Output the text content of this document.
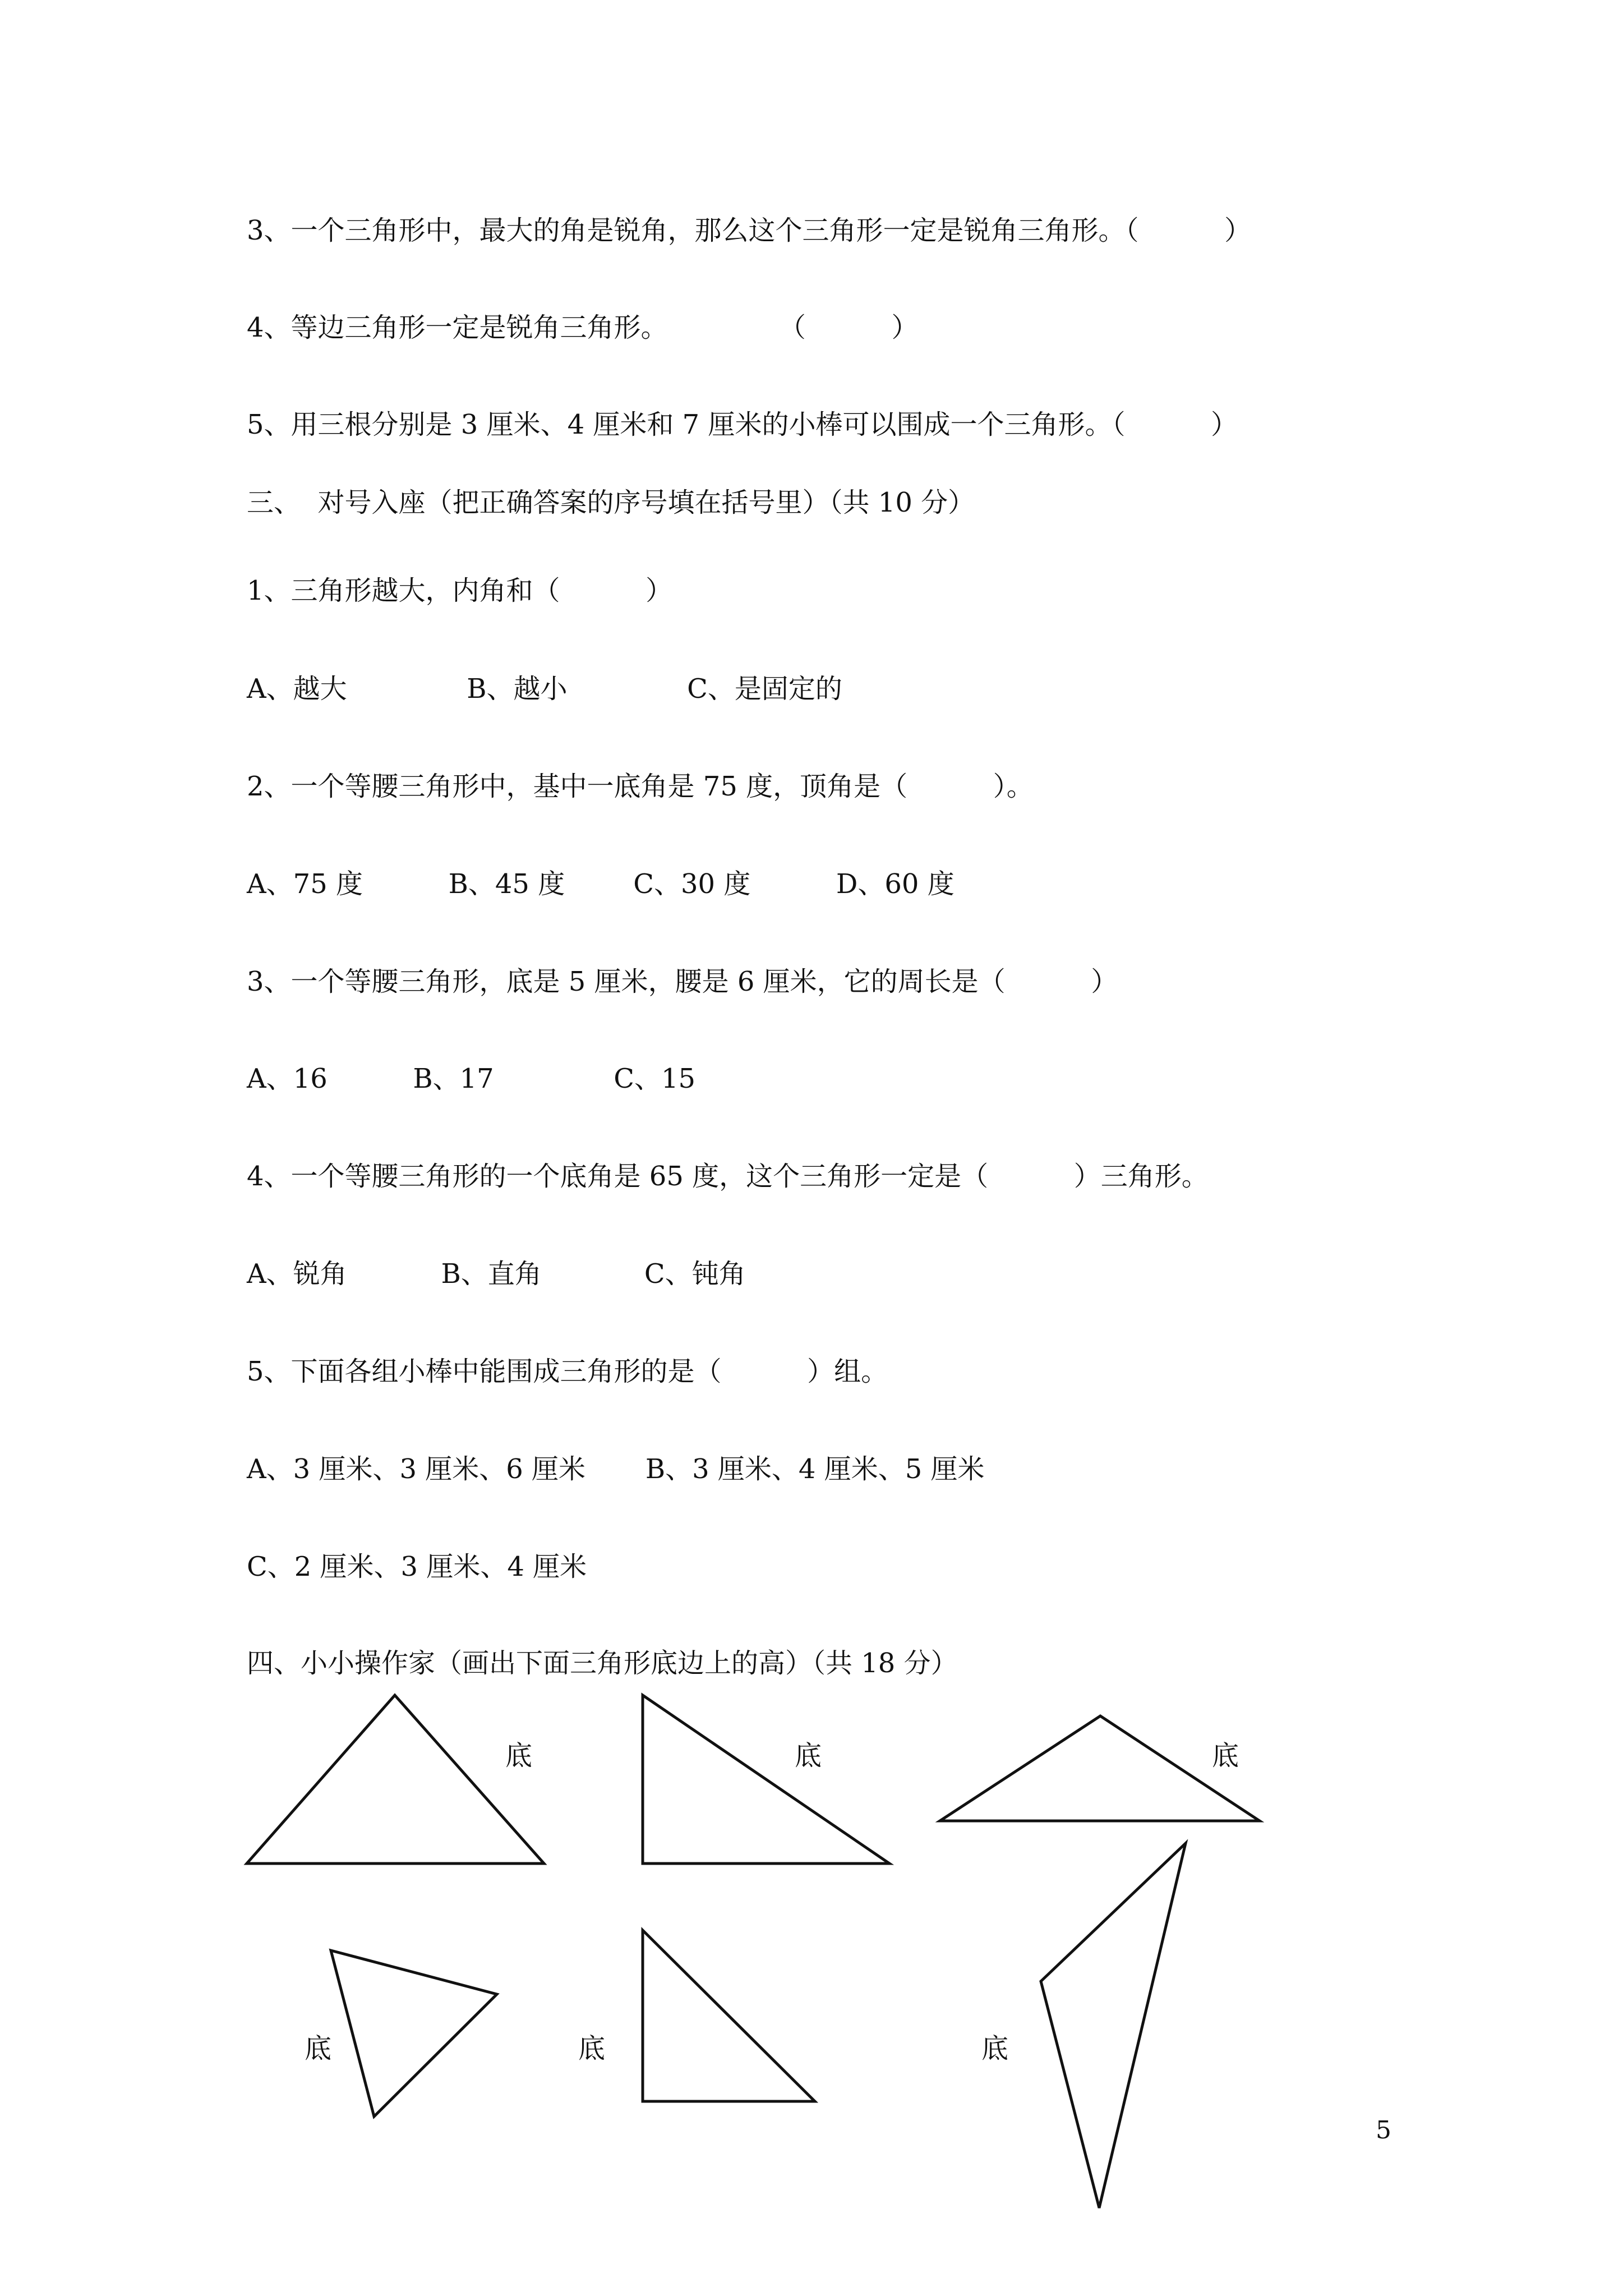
3、一个三角形中，最大的角是锐角，那么这个三角形一定是锐角三角形。（          ）

4、等边三角形一定是锐角三角形。             （          ）

5、用三根分别是 3 厘米、4 厘米和 7 厘米的小棒可以围成一个三角形。（          ）

三、  对号入座（把正确答案的序号填在括号里）（共 10 分）

1、三角形越大，内角和（          ）

A、越大              B、越小              C、是固定的

2、一个等腰三角形中，基中一底角是 75 度，顶角是（          ）。

A、75 度          B、45 度        C、30 度          D、60 度

3、一个等腰三角形，底是 5 厘米，腰是 6 厘米，它的周长是（          ）

A、16          B、17              C、15

4、一个等腰三角形的一个底角是 65 度，这个三角形一定是（          ）三角形。

A、锐角           B、直角            C、钝角

5、下面各组小棒中能围成三角形的是（          ）组。

A、3 厘米、3 厘米、6 厘米       B、3 厘米、4 厘米、5 厘米

C、2 厘米、3 厘米、4 厘米

四、小小操作家（画出下面三角形底边上的高）（共 18 分）

底	底	底
底	底	底
5
